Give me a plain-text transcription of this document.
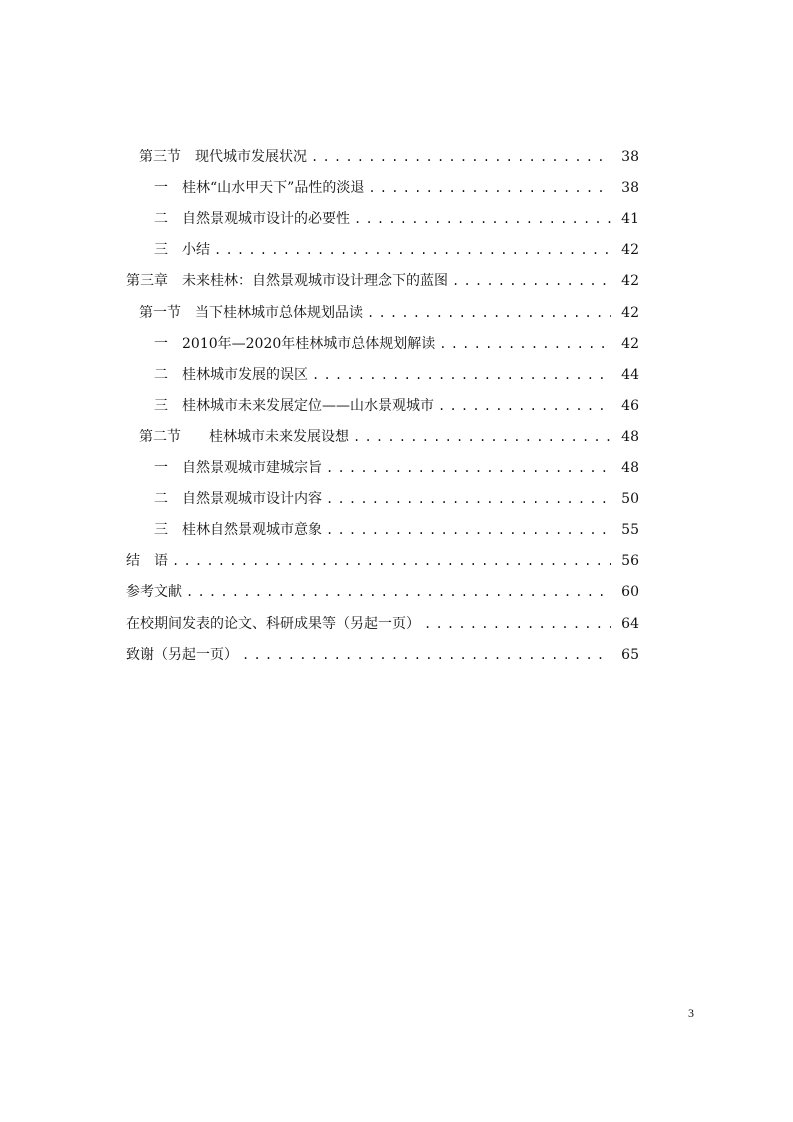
第三节　现代城市发展状况 . . .	38
一　桂林“山水甲天下”品性的淡退 . . .	38
二　自然景观城市设计的必要性 . . .	41
三　小结 . . .	42
第三章　未来桂林：自然景观城市设计理念下的蓝图 . . .	42
第一节　当下桂林城市总体规划品读 . . .	42
一　2010年—2020年桂林城市总体规划解读 . . .	42
二　桂林城市发展的误区 . . .	44
三　桂林城市未来发展定位——山水景观城市 . . .	46
第二节　　桂林城市未来发展设想 . . .	48
一　自然景观城市建城宗旨 . . .	48
二　自然景观城市设计内容 . . .	50
三　桂林自然景观城市意象 . . .	55
结　语 . . .	56
参考文献 . . .	60
在校期间发表的论文、科研成果等（另起一页） . . .	64
致谢（另起一页） . . .	65
3
